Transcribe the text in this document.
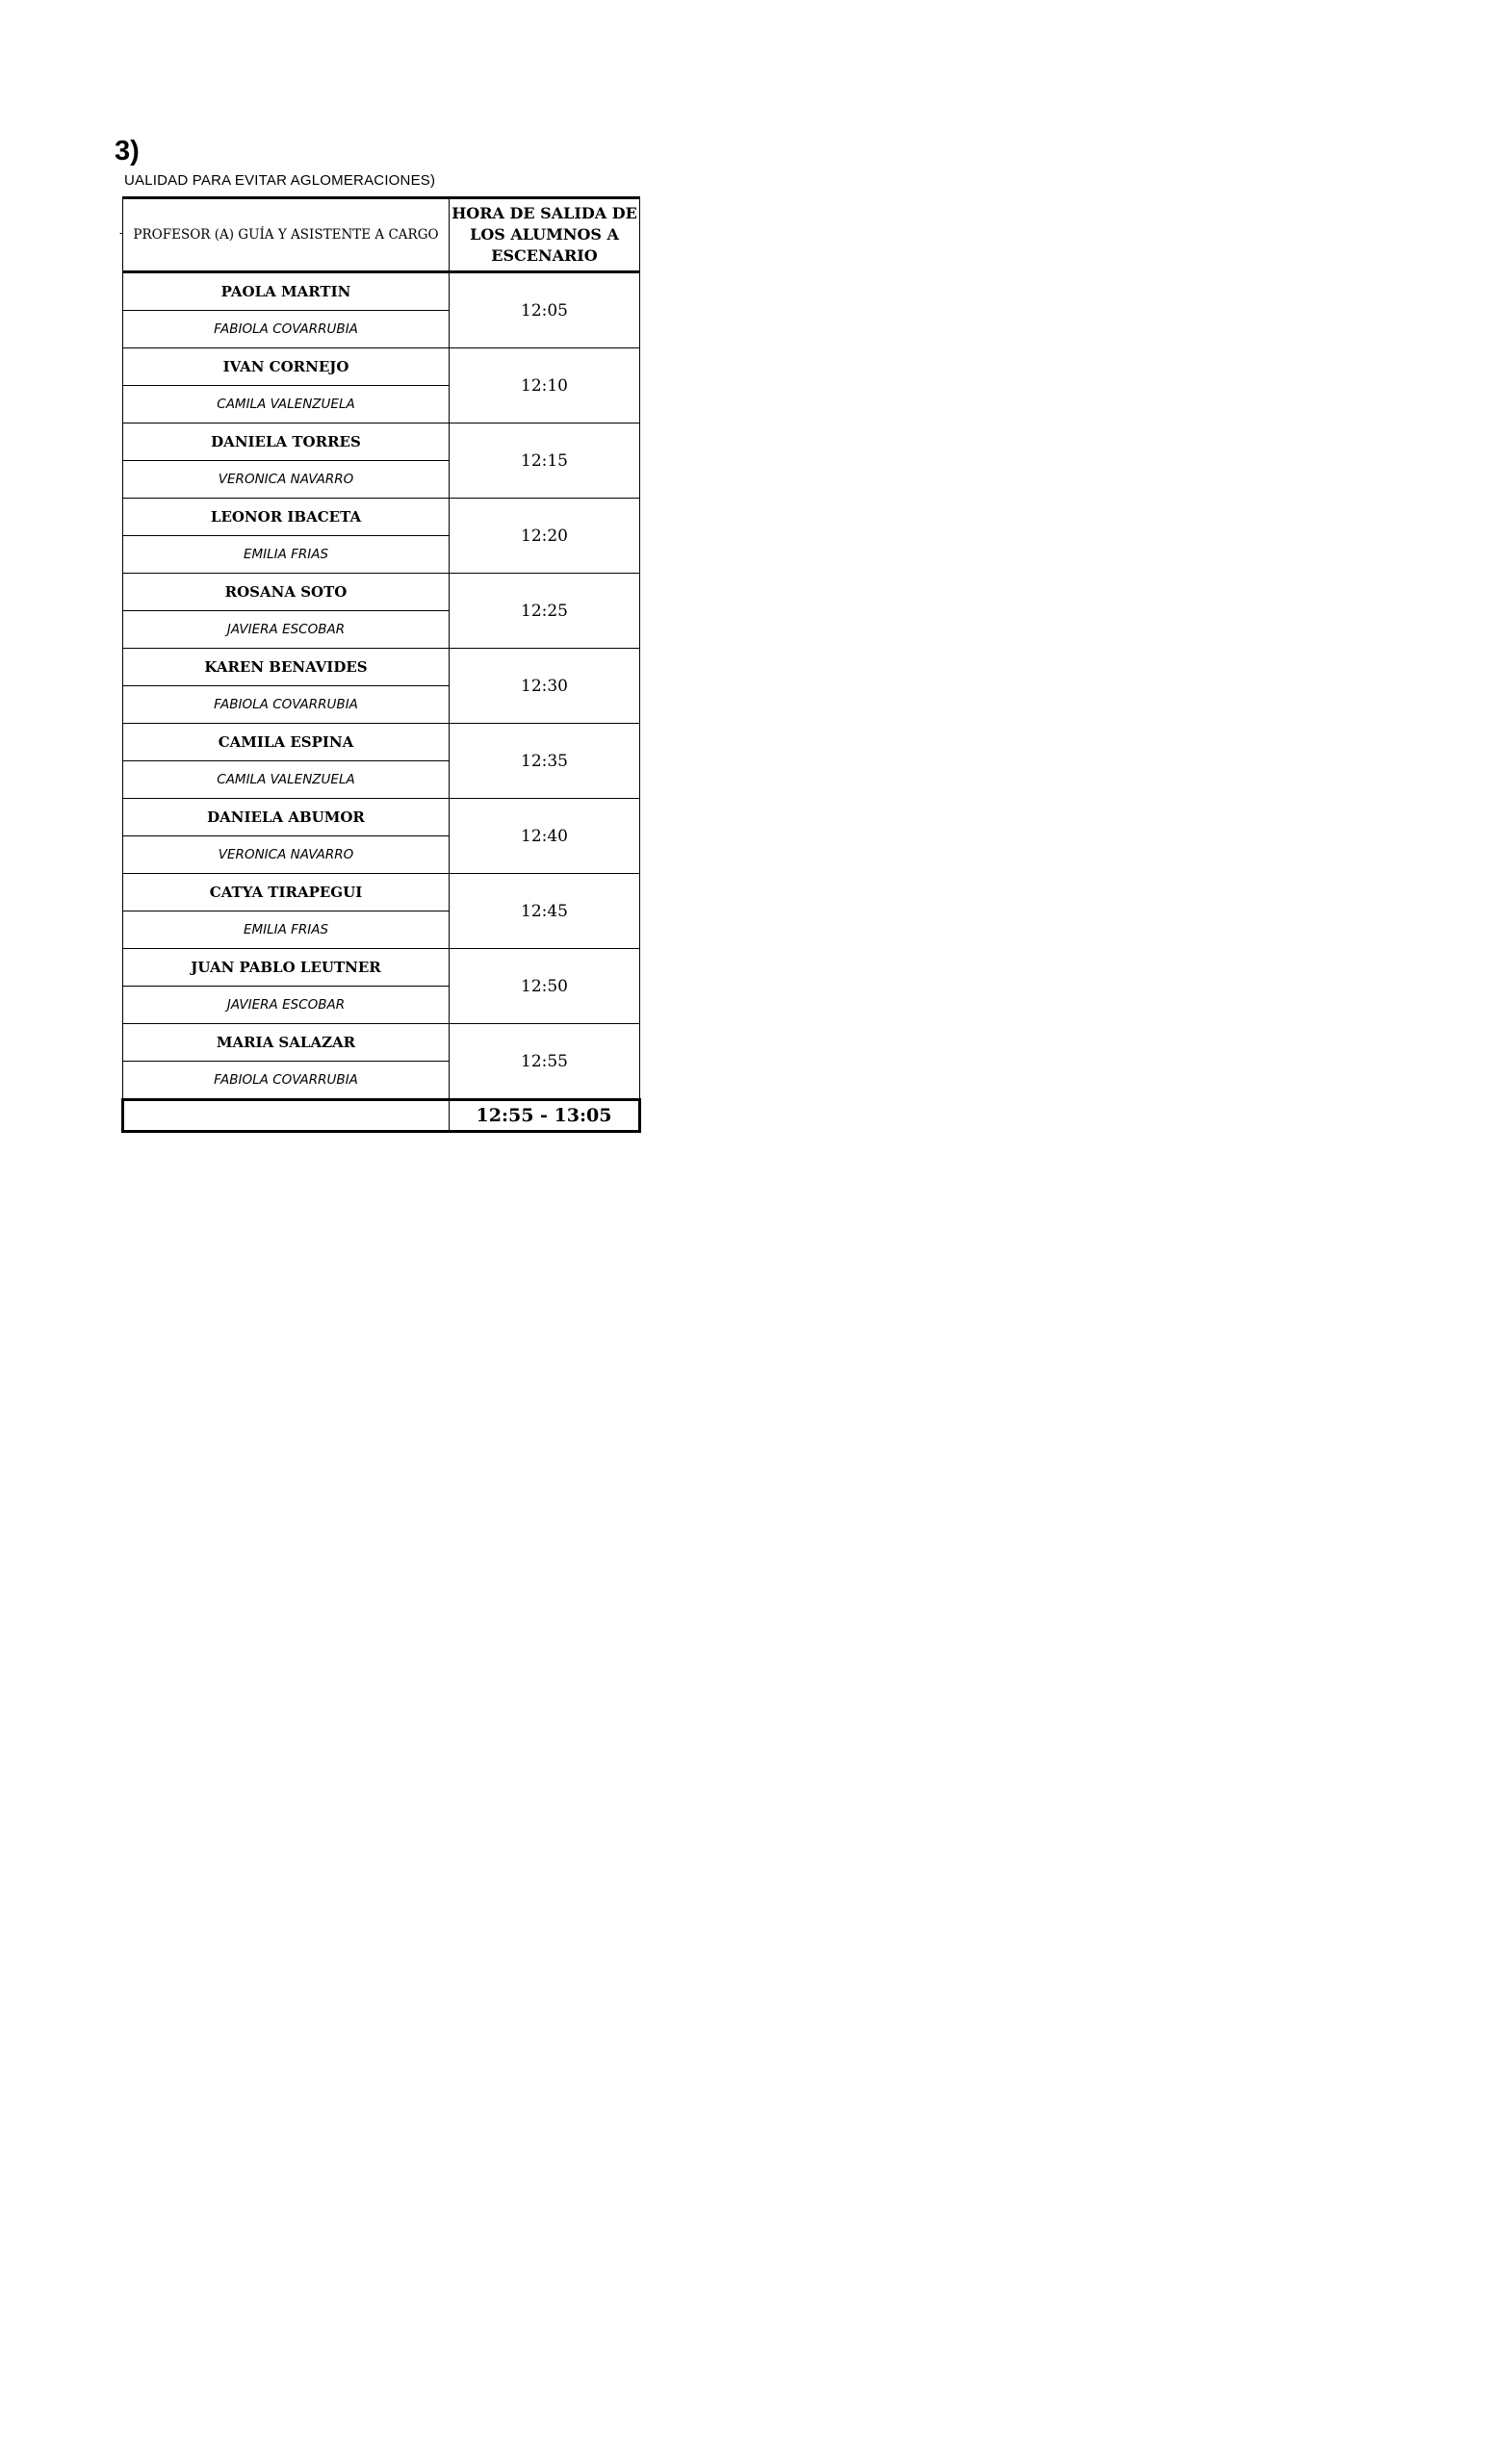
3)
UALIDAD PARA EVITAR AGLOMERACIONES)
- PROFESOR (A) GUÍA Y ASISTENTE A CARGO	HORA DE SALIDA DE LOS ALUMNOS A ESCENARIO
PAOLA MARTIN	12:05
FABIOLA COVARRUBIA	
IVAN CORNEJO	12:10
CAMILA VALENZUELA	
DANIELA TORRES	12:15
VERONICA NAVARRO	
LEONOR IBACETA	12:20
EMILIA FRIAS	
ROSANA SOTO	12:25
JAVIERA ESCOBAR	
KAREN BENAVIDES	12:30
FABIOLA COVARRUBIA	
CAMILA ESPINA	12:35
CAMILA VALENZUELA	
DANIELA ABUMOR	12:40
VERONICA NAVARRO	
CATYA TIRAPEGUI	12:45
EMILIA FRIAS	
JUAN PABLO LEUTNER	12:50
JAVIERA ESCOBAR	
MARIA SALAZAR	12:55
FABIOLA COVARRUBIA	
	12:55 - 13:05
